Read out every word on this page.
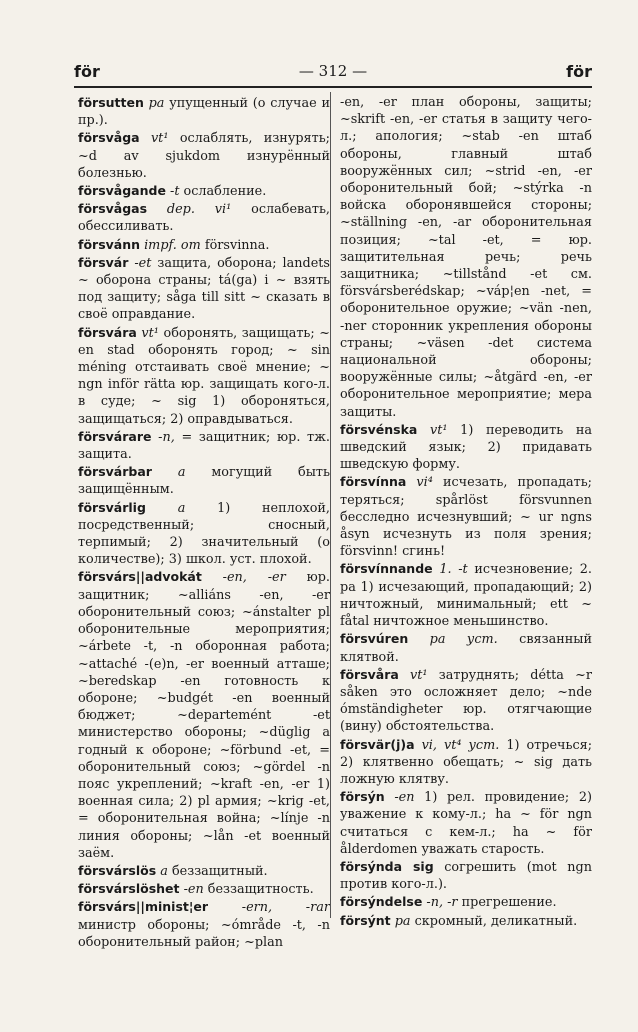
för	— 312 —	för

försutten pa упущенный (о случае и пр.).

försvåga vt¹ ослаблять, изнурять; ~d av sjukdom изнурённый болезнью.

försvågande -t ослабление.

försvågas dep. vi¹ ослабевать, обессиливать.

försvánn impf. om försvinna.

försvár -et защита, оборона; landets ~ оборона страны; tá(ga) i ~ взять под защиту; såga till sitt ~ сказать в своё оправдание.

försvára vt¹ оборонять, защищать; ~ en stad оборонять город; ~ sin méning отстаивать своё мнение; ~ ngn inför rätta юр. защищать кого-л. в суде; ~ sig 1) обороняться, защищаться; 2) оправдываться.

försvárare -n, = защитник; юр. тж. защита.

försvárbar a могущий быть защищённым.

försvárlig a 1) неплохой, посредственный; сносный, терпимый; 2) значительный (о количестве); 3) школ. уст. плохой.

försvárs||advokát -en, -er юр. защитник; ~alliáns -en, -er оборонительный союз; ~ánstalter pl оборонительные мероприятия; ~árbete -t, -n оборонная работа; ~attaché -(e)n, -er военный атташе; ~beredskap -en готовность к обороне; ~budgét -en военный бюджет; ~departemént -et министерство обороны; ~düglig a годный к обороне; ~förbund -et, = оборонительный союз; ~gördel -n пояс укреплений; ~kraft -en, -er 1) военная сила; 2) pl армия; ~krig -et, = оборонительная война; ~línje -n линия обороны; ~lån -et военный заём.

försvárslös a беззащитный.

försvárslöshet -en беззащитность.

försvárs||minist¦er	-ern, -rar министр обороны; ~ómråde -t, -n оборонительный район; ~plan

-en, -er план обороны, защиты; ~skrift -en, -er статья в защиту чего-л.; апология; ~stab -en штаб обороны, главный штаб вооружённых сил; ~strid -en, -er оборонительный бой; ~stýrka -n войска оборонявшейся стороны; ~ställning -en, -ar оборонительная позиция; ~tal -et, = юр. защитительная речь; речь защитника; ~tillstånd -et см. försvársberédskap; ~váp¦en -net, = оборонительное оружие; ~vän -nen, -ner сторонник укрепления обороны страны; ~väsen -det система национальной обороны; вооружённые силы; ~åtgärd -en, -er оборонительное мероприятие; мера защиты.

försvénska vt¹ 1) переводить на шведский язык; 2) придавать шведскую форму.

försvínna vi⁴ исчезать, пропадать; теряться; spårlöst försvunnen бесследно исчезнувший; ~ ur ngns åsyn исчезнуть из поля зрения; försvinn! сгинь!

försvínnande 1. -t исчезновение; 2. pa 1) исчезающий, пропадающий; 2) ничтожный, минимальный; ett ~ fåtal ничтожное меньшинство.

försvúren pa уст. связанный клятвой.

försvåra vt¹ затруднять; détta ~r såken это осложняет дело; ~nde ómständigheter юр. отягчающие (вину) обстоятельства.

försvär(j)a vi, vt⁴ уст. 1) отречься; 2) клятвенно обещать; ~ sig дать ложную клятву.

försýn -en 1) рел. провидение; 2) уважение к кому-л.; ha ~ för ngn считаться с кем-л.; ha ~ för ålderdomen уважать старость.

försýnda sig согрешить (mot ngn против кого-л.).

försýndelse -n, -r прегрешение.

försýnt pa скромный, деликатный.
